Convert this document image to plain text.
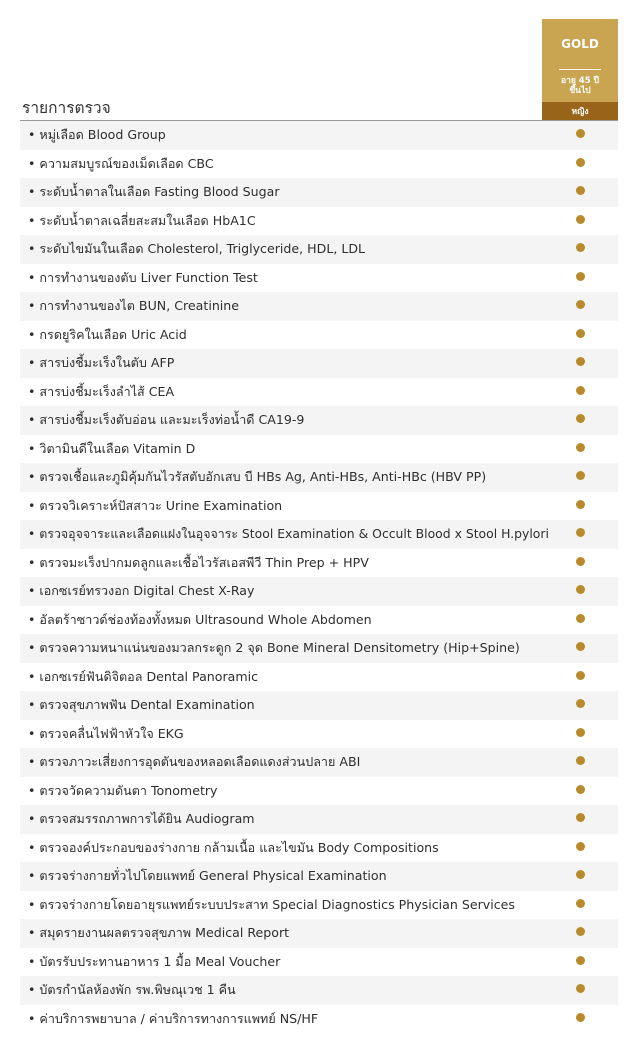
รายการตรวจ
GOLD
อายุ 45 ปี
ขึ้นไป
หญิง
• หมู่เลือด Blood Group
• ความสมบูรณ์ของเม็ดเลือด CBC
• ระดับน้ำตาลในเลือด Fasting Blood Sugar
• ระดับน้ำตาลเฉลี่ยสะสมในเลือด HbA1C
• ระดับไขมันในเลือด Cholesterol, Triglyceride, HDL, LDL
• การทำงานของตับ Liver Function Test
• การทำงานของไต BUN, Creatinine
• กรดยูริคในเลือด Uric Acid
• สารบ่งชี้มะเร็งในตับ AFP
• สารบ่งชี้มะเร็งลำไส้ CEA
• สารบ่งชี้มะเร็งตับอ่อน และมะเร็งท่อน้ำดี CA19-9
• วิตามินดีในเลือด Vitamin D
• ตรวจเชื้อและภูมิคุ้มกันไวรัสตับอักเสบ บี HBs Ag, Anti-HBs, Anti-HBc (HBV PP)
• ตรวจวิเคราะห์ปัสสาวะ Urine Examination
• ตรวจอุจจาระและเลือดแฝงในอุจจาระ Stool Examination & Occult Blood x Stool H.pylori
• ตรวจมะเร็งปากมดลูกและเชื้อไวรัสเอสพีวี Thin Prep + HPV
• เอกซเรย์ทรวงอก Digital Chest X-Ray
• อัลตร้าซาวด์ช่องท้องทั้งหมด Ultrasound Whole Abdomen
• ตรวจความหนาแน่นของมวลกระดูก 2 จุด Bone Mineral Densitometry (Hip+Spine)
• เอกซเรย์ฟันดิจิตอล Dental Panoramic
• ตรวจสุขภาพฟัน Dental Examination
• ตรวจคลื่นไฟฟ้าหัวใจ EKG
• ตรวจภาวะเสี่ยงการอุดตันของหลอดเลือดแดงส่วนปลาย ABI
• ตรวจวัดความดันตา Tonometry
• ตรวจสมรรถภาพการได้ยิน Audiogram
• ตรวจองค์ประกอบของร่างกาย กล้ามเนื้อ และไขมัน Body Compositions
• ตรวจร่างกายทั่วไปโดยแพทย์ General Physical Examination
• ตรวจร่างกายโดยอายุรแพทย์ระบบประสาท Special Diagnostics Physician Services
• สมุดรายงานผลตรวจสุขภาพ Medical Report
• บัตรรับประทานอาหาร 1 มื้อ Meal Voucher
• บัตรกำนัลห้องพัก รพ.พิษณุเวช 1 คืน
• ค่าบริการพยาบาล / ค่าบริการทางการแพทย์ NS/HF
